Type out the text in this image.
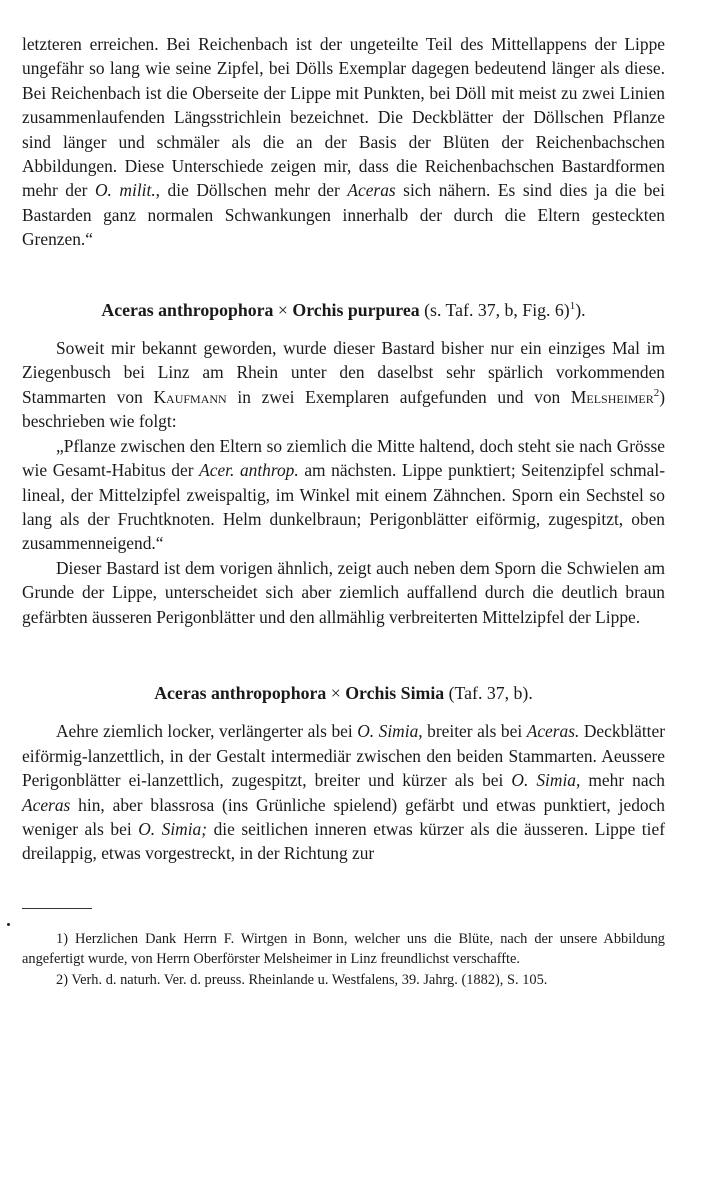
letzteren erreichen. Bei Reichenbach ist der ungeteilte Teil des Mittellappens der Lippe ungefähr so lang wie seine Zipfel, bei Dölls Exemplar dagegen bedeutend länger als diese. Bei Reichenbach ist die Oberseite der Lippe mit Punkten, bei Döll mit meist zu zwei Linien zusammenlaufenden Längsstrichlein bezeichnet. Die Deckblätter der Döllschen Pflanze sind länger und schmäler als die an der Basis der Blüten der Reichenbachschen Abbildungen. Diese Unterschiede zeigen mir, dass die Reichenbachschen Bastardformen mehr der O. milit., die Döllschen mehr der Aceras sich nähern. Es sind dies ja die bei Bastarden ganz normalen Schwankungen innerhalb der durch die Eltern gesteckten Grenzen.“

Aceras anthropophora × Orchis purpurea (s. Taf. 37, b, Fig. 6)$^1$).

Soweit mir bekannt geworden, wurde dieser Bastard bisher nur ein einziges Mal im Ziegenbusch bei Linz am Rhein unter den daselbst sehr spärlich vorkommenden Stammarten von Kaufmann in zwei Exemplaren aufgefunden und von Melsheimer$^2$) beschrieben wie folgt:

„Pflanze zwischen den Eltern so ziemlich die Mitte haltend, doch steht sie nach Grösse wie Gesamt-Habitus der Acer. anthrop. am nächsten. Lippe punktiert; Seitenzipfel schmal-lineal, der Mittelzipfel zweispaltig, im Winkel mit einem Zähnchen. Sporn ein Sechstel so lang als der Fruchtknoten. Helm dunkelbraun; Perigonblätter eiförmig, zugespitzt, oben zusammenneigend.“

Dieser Bastard ist dem vorigen ähnlich, zeigt auch neben dem Sporn die Schwielen am Grunde der Lippe, unterscheidet sich aber ziemlich auffallend durch die deutlich braun gefärbten äusseren Perigonblätter und den allmählig verbreiterten Mittelzipfel der Lippe.

Aceras anthropophora × Orchis Simia (Taf. 37, b).

Aehre ziemlich locker, verlängerter als bei O. Simia, breiter als bei Aceras. Deckblätter eiförmig-lanzettlich, in der Gestalt intermediär zwischen den beiden Stammarten. Aeussere Perigonblätter ei-lanzettlich, zugespitzt, breiter und kürzer als bei O. Simia, mehr nach Aceras hin, aber blassrosa (ins Grünliche spielend) gefärbt und etwas punktiert, jedoch weniger als bei O. Simia; die seitlichen inneren etwas kürzer als die äusseren. Lippe tief dreilappig, etwas vorgestreckt, in der Richtung zur

1) Herzlichen Dank Herrn F. Wirtgen in Bonn, welcher uns die Blüte, nach der unsere Abbildung angefertigt wurde, von Herrn Oberförster Melsheimer in Linz freundlichst verschaffte.

2) Verh. d. naturh. Ver. d. preuss. Rheinlande u. Westfalens, 39. Jahrg. (1882), S. 105.
